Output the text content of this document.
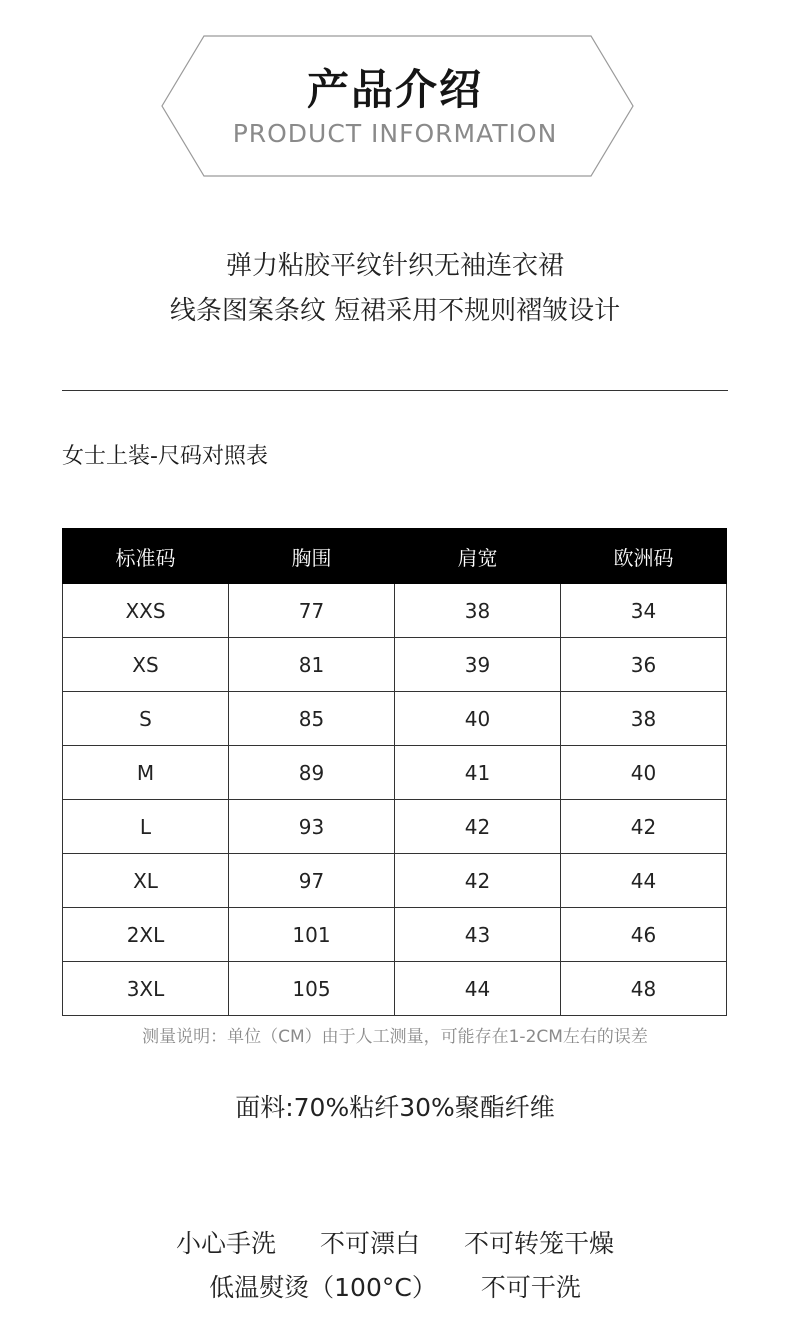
产品介绍
PRODUCT INFORMATION
弹力粘胶平纹针织无袖连衣裙
线条图案条纹 短裙采用不规则褶皱设计
女士上装-尺码对照表
标准码	胸围	肩宽	欧洲码
XXS	77	38	34
XS	81	39	36
S	85	40	38
M	89	41	40
L	93	42	42
XL	97	42	44
2XL	101	43	46
3XL	105	44	48
测量说明：单位（CM）由于人工测量，可能存在1-2CM左右的误差
面料:70%粘纤30%聚酯纤维
小心手洗 不可漂白 不可转笼干燥
低温熨烫（100°C） 不可干洗
